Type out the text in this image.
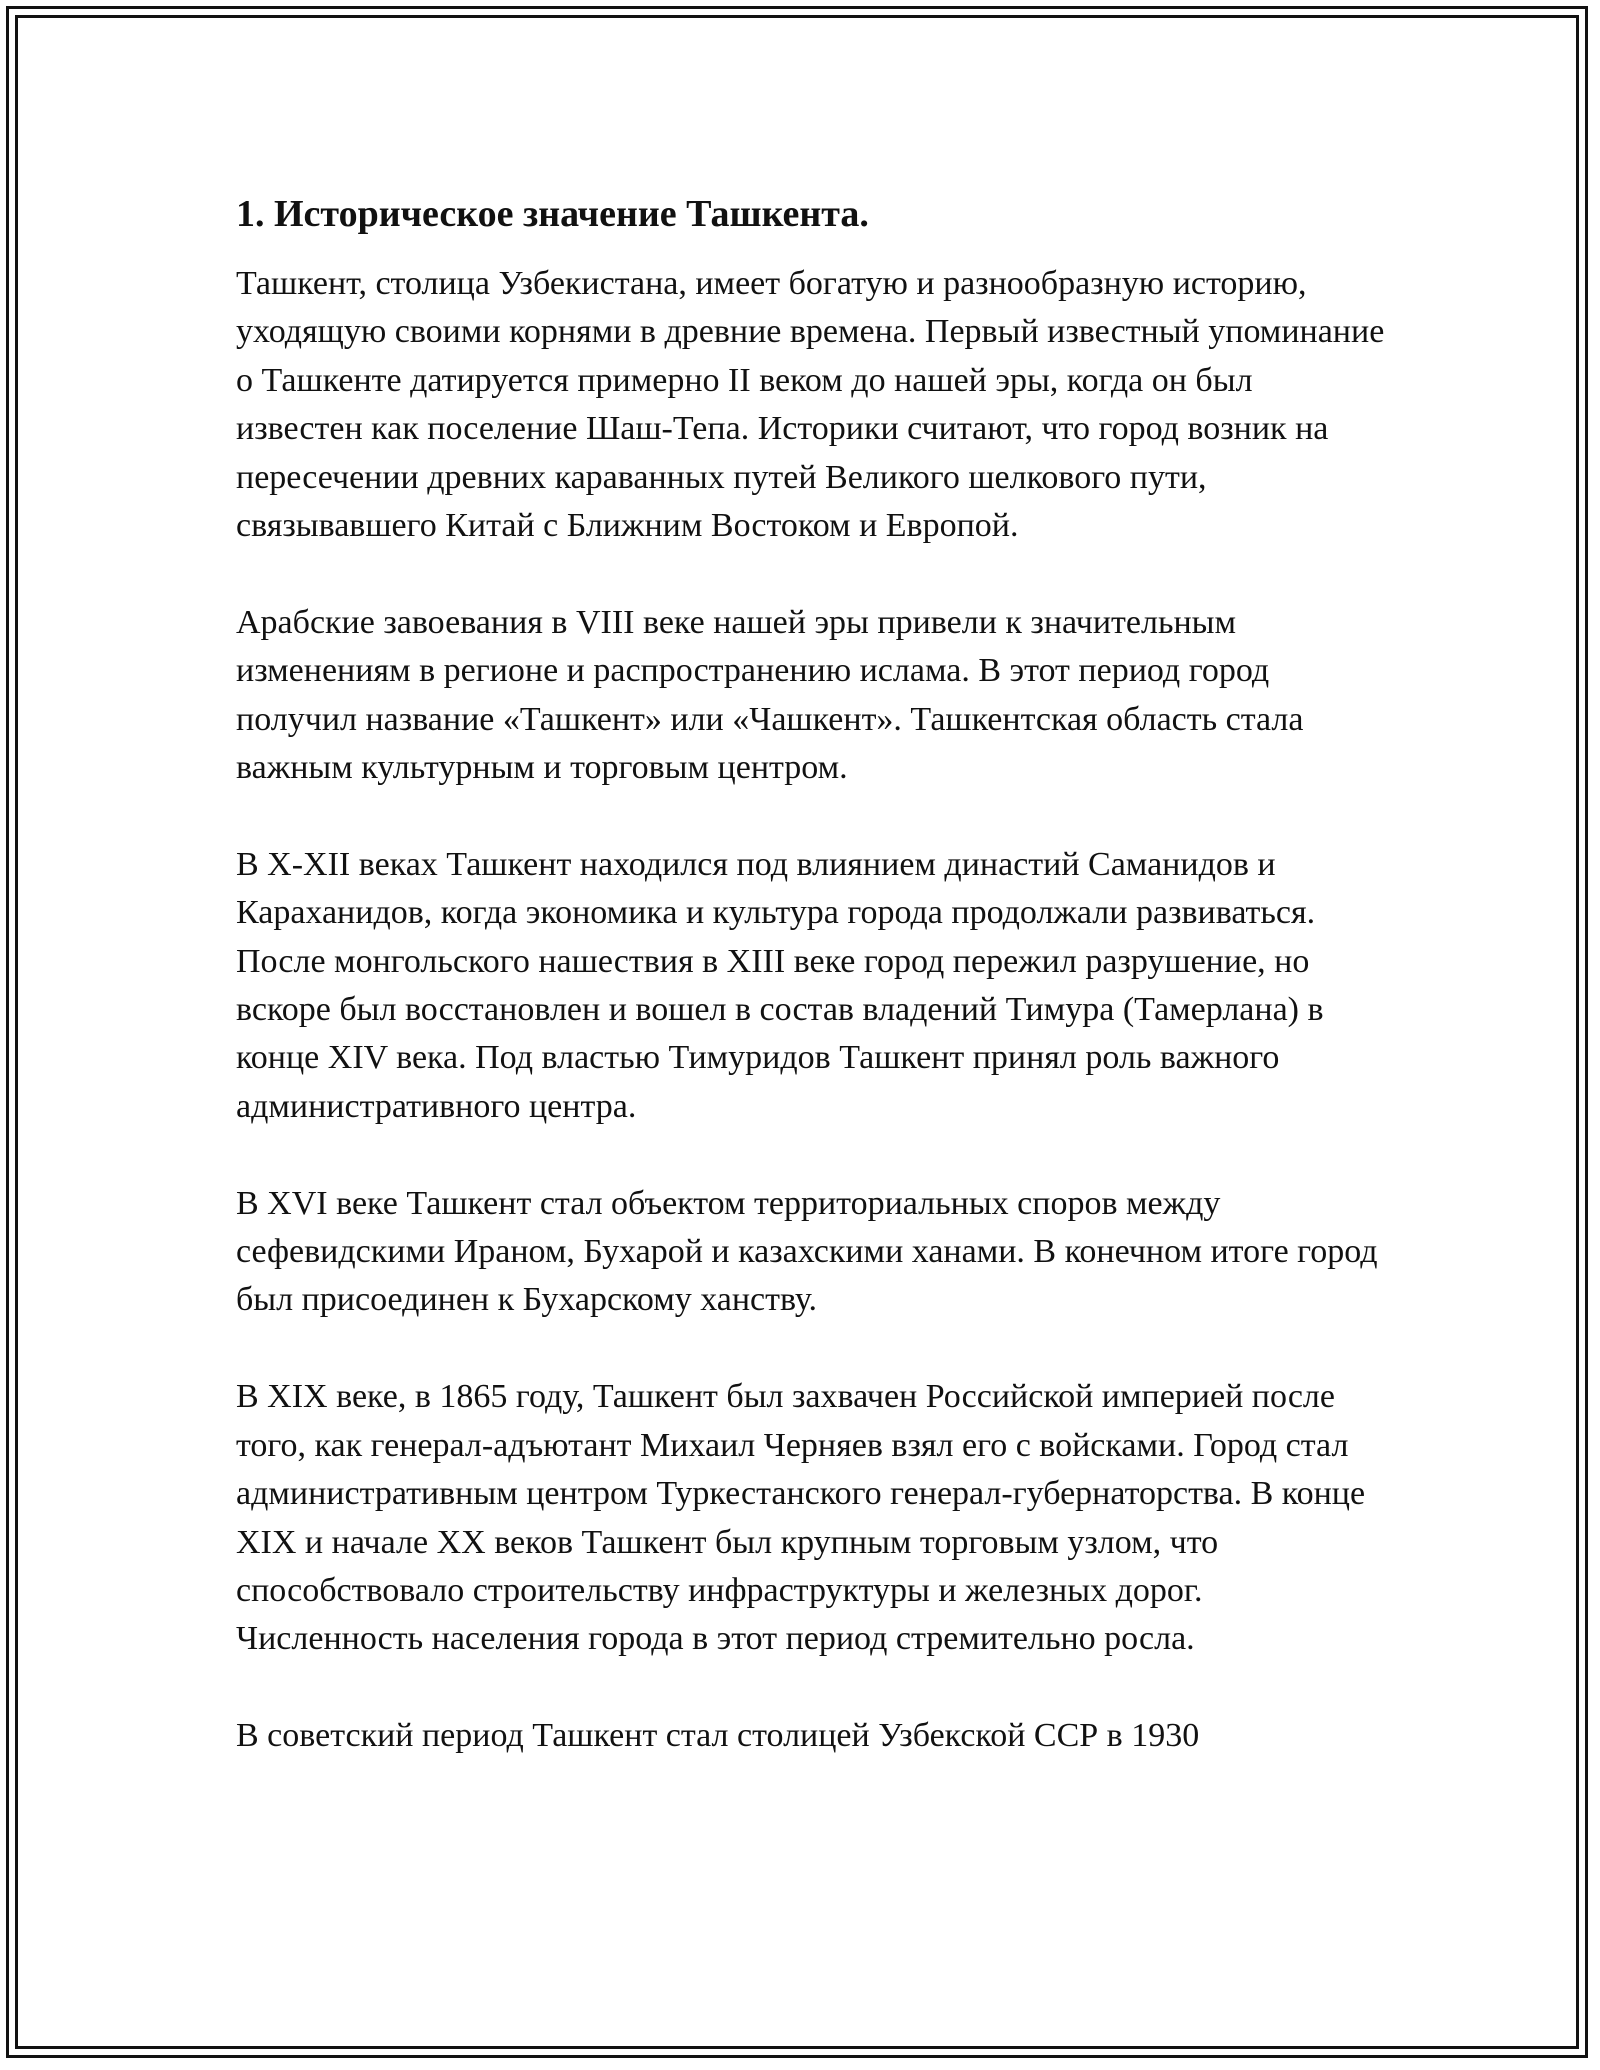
1. Историческое значение Ташкента.

Ташкент, столица Узбекистана, имеет богатую и разнообразную историю, уходящую своими корнями в древние времена. Первый известный упоминание о Ташкенте датируется примерно II веком до нашей эры, когда он был известен как поселение Шаш-Тепа. Историки считают, что город возник на пересечении древних караванных путей Великого шелкового пути, связывавшего Китай с Ближним Востоком и Европой.

Арабские завоевания в VIII веке нашей эры привели к значительным изменениям в регионе и распространению ислама. В этот период город получил название «Ташкент» или «Чашкент». Ташкентская область стала важным культурным и торговым центром.

В X-XII веках Ташкент находился под влиянием династий Саманидов и Караханидов, когда экономика и культура города продолжали развиваться. После монгольского нашествия в XIII веке город пережил разрушение, но вскоре был восстановлен и вошел в состав владений Тимура (Тамерлана) в конце XIV века. Под властью Тимуридов Ташкент принял роль важного административного центра.

В XVI веке Ташкент стал объектом территориальных споров между сефевидскими Ираном, Бухарой и казахскими ханами. В конечном итоге город был присоединен к Бухарскому ханству.

В XIX веке, в 1865 году, Ташкент был захвачен Российской империей после того, как генерал-адъютант Михаил Черняев взял его с войсками. Город стал административным центром Туркестанского генерал-губернаторства. В конце XIX и начале XX веков Ташкент был крупным торговым узлом, что способствовало строительству инфраструктуры и железных дорог. Численность населения города в этот период стремительно росла.

В советский период Ташкент стал столицей Узбекской ССР в 1930
